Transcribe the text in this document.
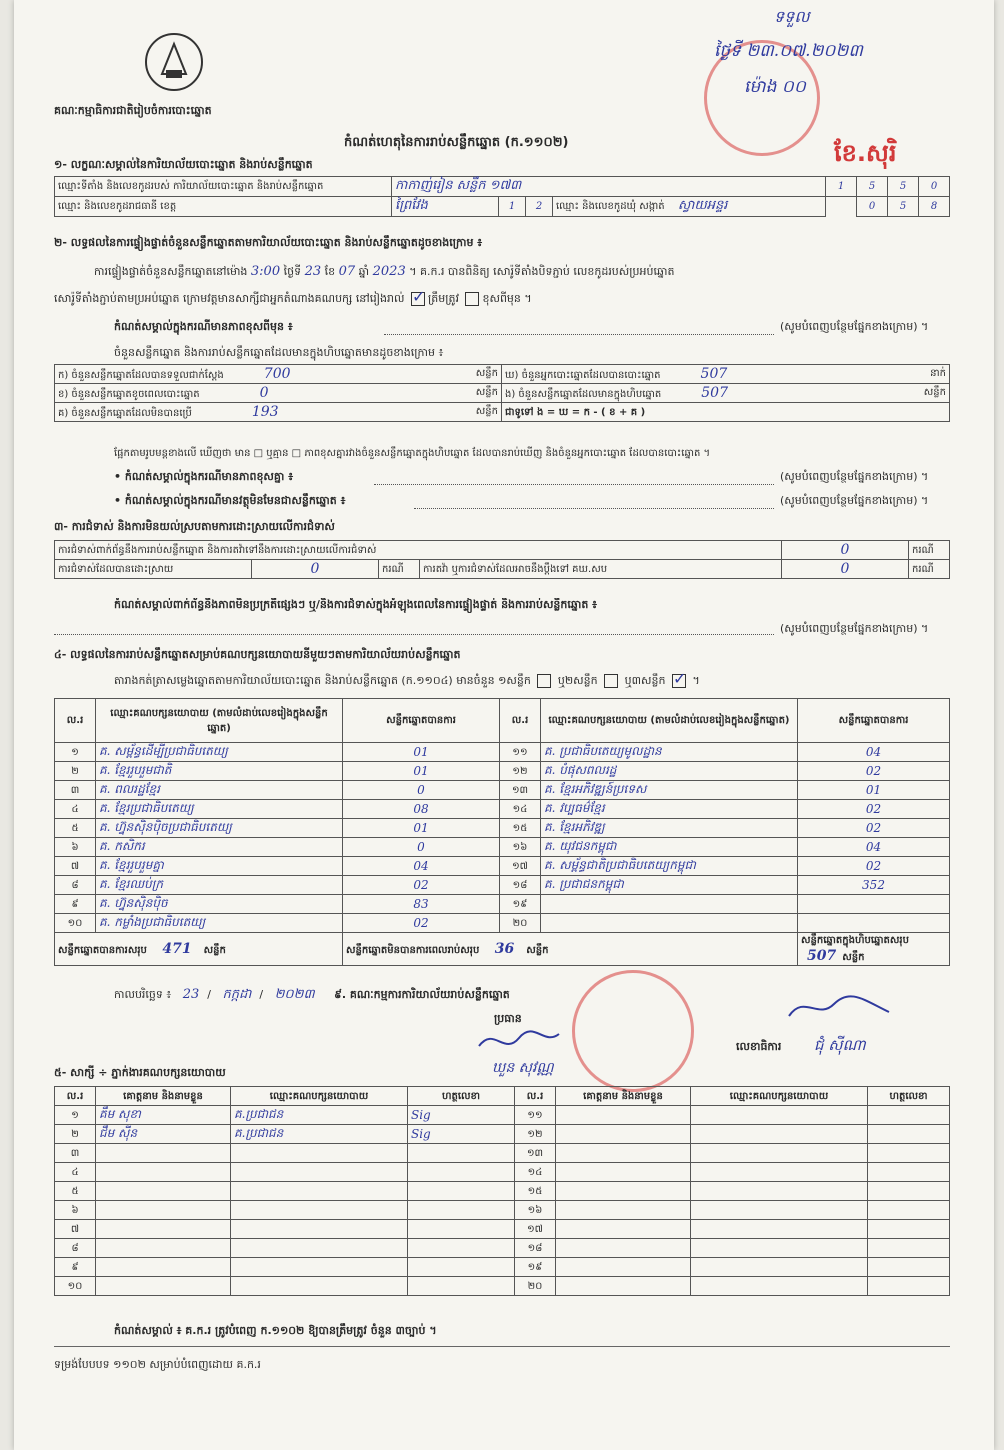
ទទួល
ថ្ងៃទី ២៣.០៧.២០២៣
ម៉ោង ០០
ខែ.សុរិ
គណៈកម្មាធិការជាតិរៀបចំការបោះឆ្នោត
កំណត់ហេតុនៃការរាប់សន្លឹកឆ្នោត (ក.១១០២)
១- លក្ខណៈសម្គាល់នៃការិយាល័យបោះឆ្នោត និងរាប់សន្លឹកឆ្នោត
ឈ្មោះទីតាំង និងលេខកូដរបស់ ការិយាល័យបោះឆ្នោត និងរាប់សន្លឹកឆ្នោត	កាកាញ់រៀន សន្លឹក ១៧៣				1	5	5	0
ឈ្មោះ និងលេខកូដរាជធានី ខេត្ត	ព្រៃវែង	1	2	ឈ្មោះ និងលេខកូដឃុំ សង្កាត់ ស្វាយអន្ទរ		0	5	8
២- លទ្ធផលនៃការផ្ទៀងផ្ទាត់ចំនួនសន្លឹកឆ្នោតតាមការិយាល័យបោះឆ្នោត និងរាប់សន្លឹកឆ្នោតដូចខាងក្រោម ៖
ការផ្ទៀងផ្ទាត់ចំនួនសន្លឹកឆ្នោតនៅម៉ោង 3:00 ថ្ងៃទី 23 ខែ 07 ឆ្នាំ 2023 ។ គ.ក.រ បានពិនិត្យ សោរ៉ូទីតាំងបិទភ្ជាប់ លេខកូដរបស់ប្រអប់ឆ្នោត
សោរ៉ូទីតាំងភ្ជាប់តាមប្រអប់ឆ្នោត ក្រោមវត្តមានសាក្សីជាអ្នកតំណាងគណបក្ស នៅរៀងរាល់ ✓ ត្រឹមត្រូវ ខុសពីមុន ។
កំណត់សម្គាល់ក្នុងករណីមានភាពខុសពីមុន ៖	(សូមបំពេញបន្ថែមផ្នែកខាងក្រោម) ។
ចំនួនសន្លឹកឆ្នោត និងការរាប់សន្លឹកឆ្នោតដែលមានក្នុងហិបឆ្នោតមានដូចខាងក្រោម ៖
ក) ចំនួនសន្លឹកឆ្នោតដែលបានទទួលជាក់ស្តែង 700 សន្លឹក	ឃ) ចំនួនអ្នកបោះឆ្នោតដែលបានបោះឆ្នោត 507 នាក់

ខ) ចំនួនសន្លឹកឆ្នោតខូចពេលបោះឆ្នោត 0 សន្លឹក	ង) ចំនួនសន្លឹកឆ្នោតដែលមានក្នុងហិបឆ្នោត 507 សន្លឹក

គ) ចំនួនសន្លឹកឆ្នោតដែលមិនបានប្រើ 193 សន្លឹក	ជាទូទៅ ង = ឃ = ក - ( ខ + គ )
ផ្អែកតាមរូបមន្តខាងលើ ឃើញថា មាន □ ឬគ្មាន □ ភាពខុសគ្នារវាងចំនួនសន្លឹកឆ្នោតក្នុងហិបឆ្នោត ដែលបានរាប់ឃើញ និងចំនួនអ្នកបោះឆ្នោត ដែលបានបោះឆ្នោត ។
• កំណត់សម្គាល់ក្នុងករណីមានភាពខុសគ្នា ៖	(សូមបំពេញបន្ថែមផ្នែកខាងក្រោម) ។
• កំណត់សម្គាល់ក្នុងករណីមានវត្ថុមិនមែនជាសន្លឹកឆ្នោត ៖	(សូមបំពេញបន្ថែមផ្នែកខាងក្រោម) ។
៣- ការជំទាស់ និងការមិនយល់ស្របតាមការដោះស្រាយលើការជំទាស់
ការជំទាស់ពាក់ព័ន្ធនឹងការរាប់សន្លឹកឆ្នោត និងការតវ៉ាទៅនឹងការដោះស្រាយលើការជំទាស់				0	ករណី
ការជំទាស់ដែលបានដោះស្រាយ	0	ករណី	ការតវ៉ា ឬការជំទាស់ដែលអាចនឹងប្តឹងទៅ គឃ.សប	0	ករណី
កំណត់សម្គាល់ពាក់ព័ន្ធនឹងភាពមិនប្រក្រតីផ្សេងៗ ឬ/និងការជំទាស់ក្នុងអំឡុងពេលនៃការផ្ទៀងផ្ទាត់ និងការរាប់សន្លឹកឆ្នោត ៖
(សូមបំពេញបន្ថែមផ្នែកខាងក្រោម) ។
៤- លទ្ធផលនៃការរាប់សន្លឹកឆ្នោតសម្រាប់គណបក្សនយោបាយនីមួយៗតាមការិយាល័យរាប់សន្លឹកឆ្នោត
តារាងកត់ត្រាសម្លេងឆ្នោតតាមការិយាល័យបោះឆ្នោត និងរាប់សន្លឹកឆ្នោត (ក.១១០៤) មានចំនួន ១សន្លឹក ឬ២សន្លឹក ឬ៣សន្លឹក ✓ ។
ល.រ	ឈ្មោះគណបក្សនយោបាយ (តាមលំដាប់លេខរៀងក្នុងសន្លឹកឆ្នោត)	សន្លឹកឆ្នោតបានការ	ល.រ	ឈ្មោះគណបក្សនយោបាយ (តាមលំដាប់លេខរៀងក្នុងសន្លឹកឆ្នោត)	សន្លឹកឆ្នោតបានការ
១	គ. សម្ព័ន្ធដើម្បីប្រជាធិបតេយ្យ	01	១១	គ. ប្រជាធិបតេយ្យមូលដ្ឋាន	04
២	គ. ខ្មែររួបរួមជាតិ	01	១២	គ. បំផុសពលរដ្ឋ	02
៣	គ. ពលរដ្ឋខ្មែរ	0	១៣	គ. ខ្មែរអភិវឌ្ឍន៍ប្រទេស	01
៤	គ. ខ្មែរប្រជាធិបតេយ្យ	08	១៤	គ. វប្បធម៌ខ្មែរ	02
៥	គ. ហ្វ៊ុនស៊ិនប៉ិចប្រជាធិបតេយ្យ	01	១៥	គ. ខ្មែរអភិវឌ្ឍ	02
៦	គ. កសិករ	0	១៦	គ. យុវជនកម្ពុជា	04
៧	គ. ខ្មែររួបរួមគ្នា	04	១៧	គ. សម្ព័ន្ធជាតិប្រជាធិបតេយ្យកម្ពុជា	02
៨	គ. ខ្មែរឈប់ក្រ	02	១៨	គ. ប្រជាជនកម្ពុជា	352
៩	គ. ហ្វ៊ុនស៊ិនប៉ិច	83	១៩		
១០	គ. កម្លាំងប្រជាធិបតេយ្យ	02	២០		
សន្លឹកឆ្នោតបានការសរុប 471 សន្លឹក		សន្លឹកឆ្នោតមិនបានការពេលរាប់សរុប 36 សន្លឹក			សន្លឹកឆ្នោតក្នុងហិបឆ្នោតសរុប 507 សន្លឹក
កាលបរិច្ឆេទ ៖ 23 / កក្កដា / ២០២៣ ៩. គណៈកម្មការការិយាល័យរាប់សន្លឹកឆ្នោត
ប្រធាន
ឃួន សុវណ្ណ
លេខាធិការ ជុំ ស៊ីណា
៥- សាក្សី ÷ ភ្នាក់ងារគណបក្សនយោបាយ
ល.រ	គោត្តនាម និងនាមខ្លួន	ឈ្មោះគណបក្សនយោបាយ	ហត្ថលេខា	ល.រ	គោត្តនាម និងនាមខ្លួន	ឈ្មោះគណបក្សនយោបាយ	ហត្ថលេខា
១	គឹម សុខា	គ.ប្រជាជន	Sig	១១			
២	ជឹម ស៊ីន	គ.ប្រជាជន	Sig	១២			
៣				១៣			
៤				១៤			
៥				១៥			
៦				១៦			
៧				១៧			
៨				១៨			
៩				១៩			
១០				២០			
កំណត់សម្គាល់ ៖ គ.ក.រ ត្រូវបំពេញ ក.១១០២ ឱ្យបានត្រឹមត្រូវ ចំនួន ៣ច្បាប់ ។
ទម្រង់បែបបទ ១១០២ សម្រាប់បំពេញដោយ គ.ក.រ
